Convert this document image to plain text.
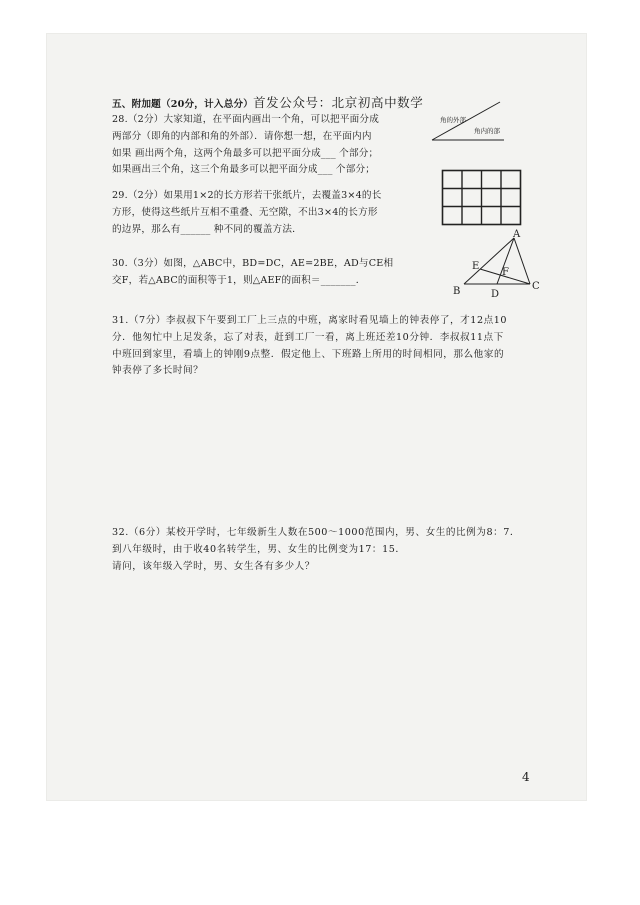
五、附加题（20分，计入总分）首发公众号：北京初高中数学
28.（2分）大家知道，在平面内画出一个角，可以把平面分成
两部分（即角的内部和角的外部）．请你想一想，在平面内内
如果 画出两个角，这两个角最多可以把平面分成___ 个部分；
如果画出三个角，这三个角最多可以把平面分成___ 个部分；
角的外部
角内的部
29.（2分）如果用1×2的长方形若干张纸片，去覆盖3×4的长
方形，使得这些纸片互相不重叠、无空隙，不出3×4的长方形
的边界，那么有______ 种不同的覆盖方法．
30.（3分）如图，△ABC中，BD=DC，AE=2BE，AD与CE相
交F，若△ABC的面积等于1，则△AEF的面积＝_______．
A
B	C
D
E
F
31.（7分）李叔叔下午要到工厂上三点的中班，离家时看见墙上的钟表停了，才12点10
分．他匆忙中上足发条，忘了对表，赶到工厂一看，离上班还差10分钟．李叔叔11点下
中班回到家里，看墙上的钟刚9点整．假定他上、下班路上所用的时间相同，那么他家的
钟表停了多长时间？
32.（6分）某校开学时，七年级新生人数在500～1000范围内，男、女生的比例为8：7．
到八年级时，由于收40名转学生，男、女生的比例变为17：15．
请问，该年级入学时，男、女生各有多少人？
4
